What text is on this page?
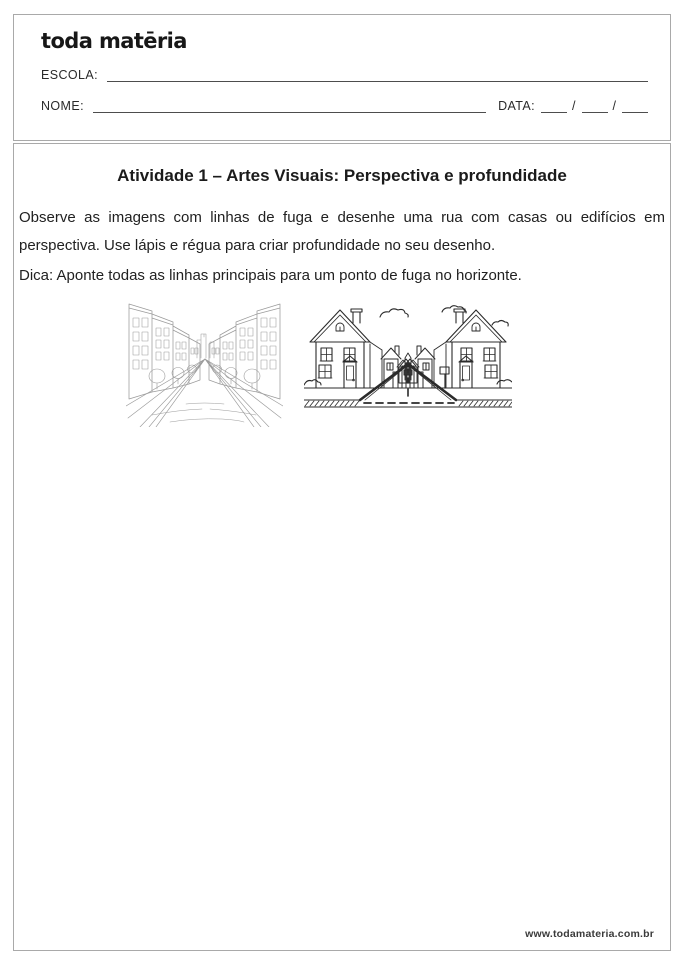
toda matēria
ESCOLA:
NOME:	DATA:	/	/
Atividade 1 – Artes Visuais: Perspectiva e profundidade

Observe as imagens com linhas de fuga e desenhe uma rua com casas ou edifícios em perspectiva. Use lápis e régua para criar profundidade no seu desenho.

Dica: Aponte todas as linhas principais para um ponto de fuga no horizonte.

www.todamateria.com.br
